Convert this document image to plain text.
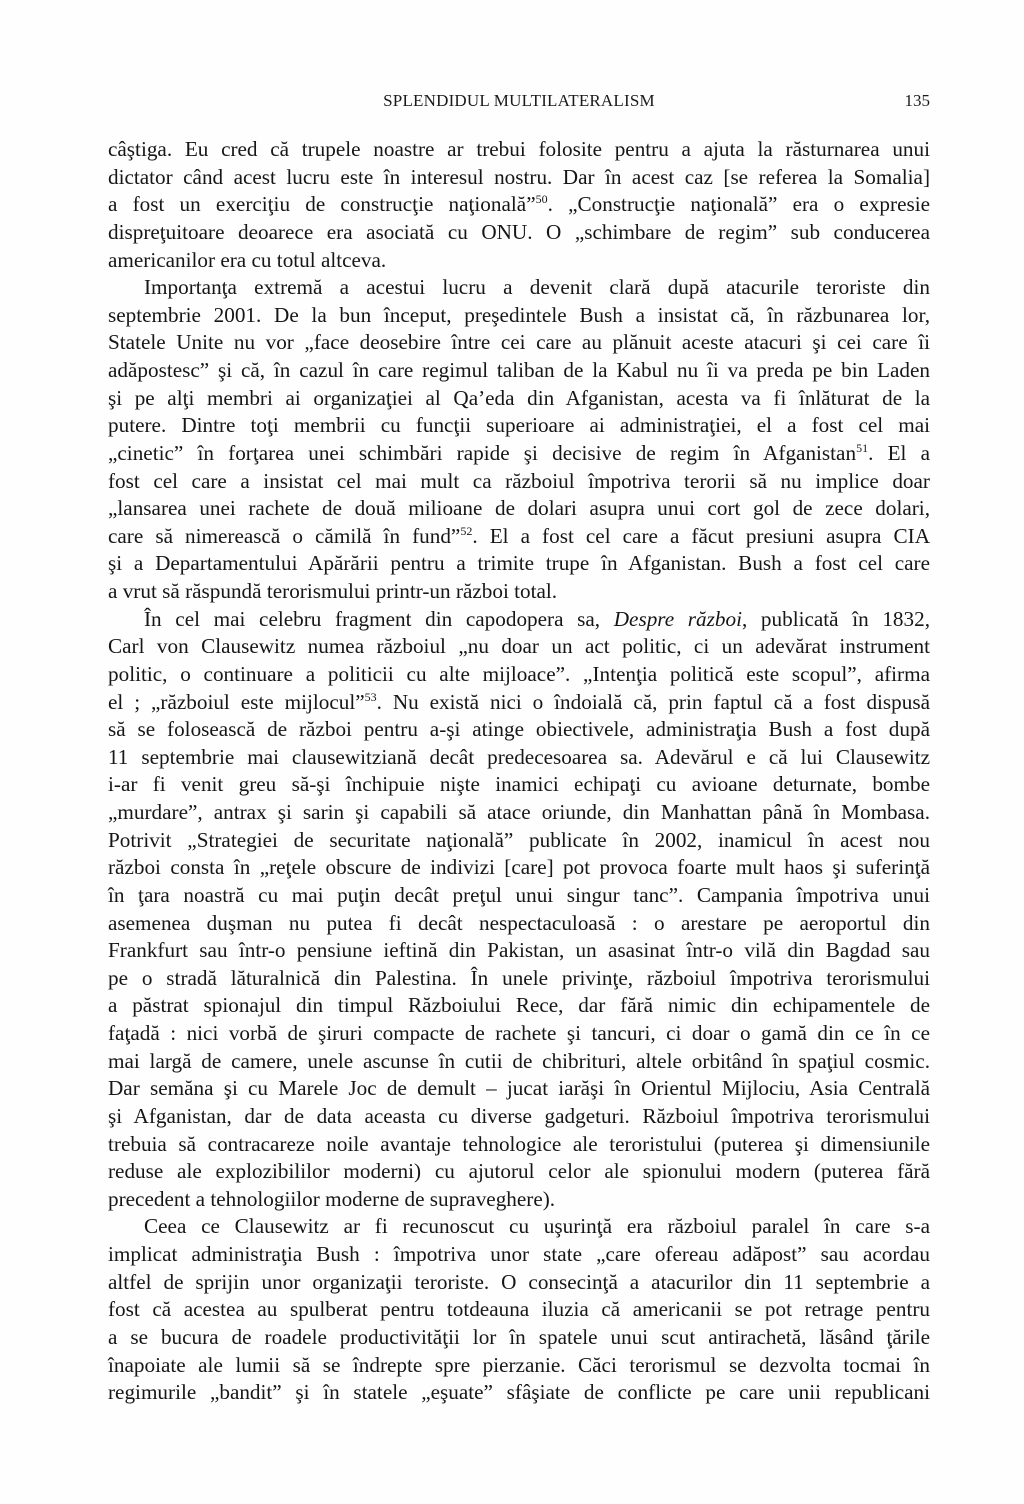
SPLENDIDUL MULTILATERALISM	135
câştiga. Eu cred că trupele noastre ar trebui folosite pentru a ajuta la răsturnarea unui
dictator când acest lucru este în interesul nostru. Dar în acest caz [se referea la Somalia]
a fost un exerciţiu de construcţie naţională”$^{50}$. „Construcţie naţională” era o expresie
dispreţuitoare deoarece era asociată cu ONU. O „schimbare de regim” sub conducerea
americanilor era cu totul altceva.
Importanţa extremă a acestui lucru a devenit clară după atacurile teroriste din
septembrie 2001. De la bun început, preşedintele Bush a insistat că, în răzbunarea lor,
Statele Unite nu vor „face deosebire între cei care au plănuit aceste atacuri şi cei care îi
adăpostesc” şi că, în cazul în care regimul taliban de la Kabul nu îi va preda pe bin Laden
şi pe alţi membri ai organizaţiei al Qa’eda din Afganistan, acesta va fi înlăturat de la
putere. Dintre toţi membrii cu funcţii superioare ai administraţiei, el a fost cel mai
„cinetic” în forţarea unei schimbări rapide şi decisive de regim în Afganistan$^{51}$. El a
fost cel care a insistat cel mai mult ca războiul împotriva terorii să nu implice doar
„lansarea unei rachete de două milioane de dolari asupra unui cort gol de zece dolari,
care să nimerească o cămilă în fund”$^{52}$. El a fost cel care a făcut presiuni asupra CIA
şi a Departamentului Apărării pentru a trimite trupe în Afganistan. Bush a fost cel care
a vrut să răspundă terorismului printr-un război total.
În cel mai celebru fragment din capodopera sa, Despre război, publicată în 1832,
Carl von Clausewitz numea războiul „nu doar un act politic, ci un adevărat instrument
politic, o continuare a politicii cu alte mijloace”. „Intenţia politică este scopul”, afirma
el ; „războiul este mijlocul”$^{53}$. Nu există nici o îndoială că, prin faptul că a fost dispusă
să se folosească de război pentru a-şi atinge obiectivele, administraţia Bush a fost după
11 septembrie mai clausewitziană decât predecesoarea sa. Adevărul e că lui Clausewitz
i-ar fi venit greu să-şi închipuie nişte inamici echipaţi cu avioane deturnate, bombe
„murdare”, antrax şi sarin şi capabili să atace oriunde, din Manhattan până în Mombasa.
Potrivit „Strategiei de securitate naţională” publicate în 2002, inamicul în acest nou
război consta în „reţele obscure de indivizi [care] pot provoca foarte mult haos şi suferinţă
în ţara noastră cu mai puţin decât preţul unui singur tanc”. Campania împotriva unui
asemenea duşman nu putea fi decât nespectaculoasă : o arestare pe aeroportul din
Frankfurt sau într-o pensiune ieftină din Pakistan, un asasinat într-o vilă din Bagdad sau
pe o stradă lăturalnică din Palestina. În unele privinţe, războiul împotriva terorismului
a păstrat spionajul din timpul Războiului Rece, dar fără nimic din echipamentele de
faţadă : nici vorbă de şiruri compacte de rachete şi tancuri, ci doar o gamă din ce în ce
mai largă de camere, unele ascunse în cutii de chibrituri, altele orbitând în spaţiul cosmic.
Dar semăna şi cu Marele Joc de demult – jucat iarăşi în Orientul Mijlociu, Asia Centrală
şi Afganistan, dar de data aceasta cu diverse gadgeturi. Războiul împotriva terorismului
trebuia să contracareze noile avantaje tehnologice ale teroristului (puterea şi dimensiunile
reduse ale explozibililor moderni) cu ajutorul celor ale spionului modern (puterea fără
precedent a tehnologiilor moderne de supraveghere).
Ceea ce Clausewitz ar fi recunoscut cu uşurinţă era războiul paralel în care s-a
implicat administraţia Bush : împotriva unor state „care ofereau adăpost” sau acordau
altfel de sprijin unor organizaţii teroriste. O consecinţă a atacurilor din 11 septembrie a
fost că acestea au spulberat pentru totdeauna iluzia că americanii se pot retrage pentru
a se bucura de roadele productivităţii lor în spatele unui scut antirachetă, lăsând ţările
înapoiate ale lumii să se îndrepte spre pierzanie. Căci terorismul se dezvolta tocmai în
regimurile „bandit” şi în statele „eşuate” sfâşiate de conflicte pe care unii republicani
